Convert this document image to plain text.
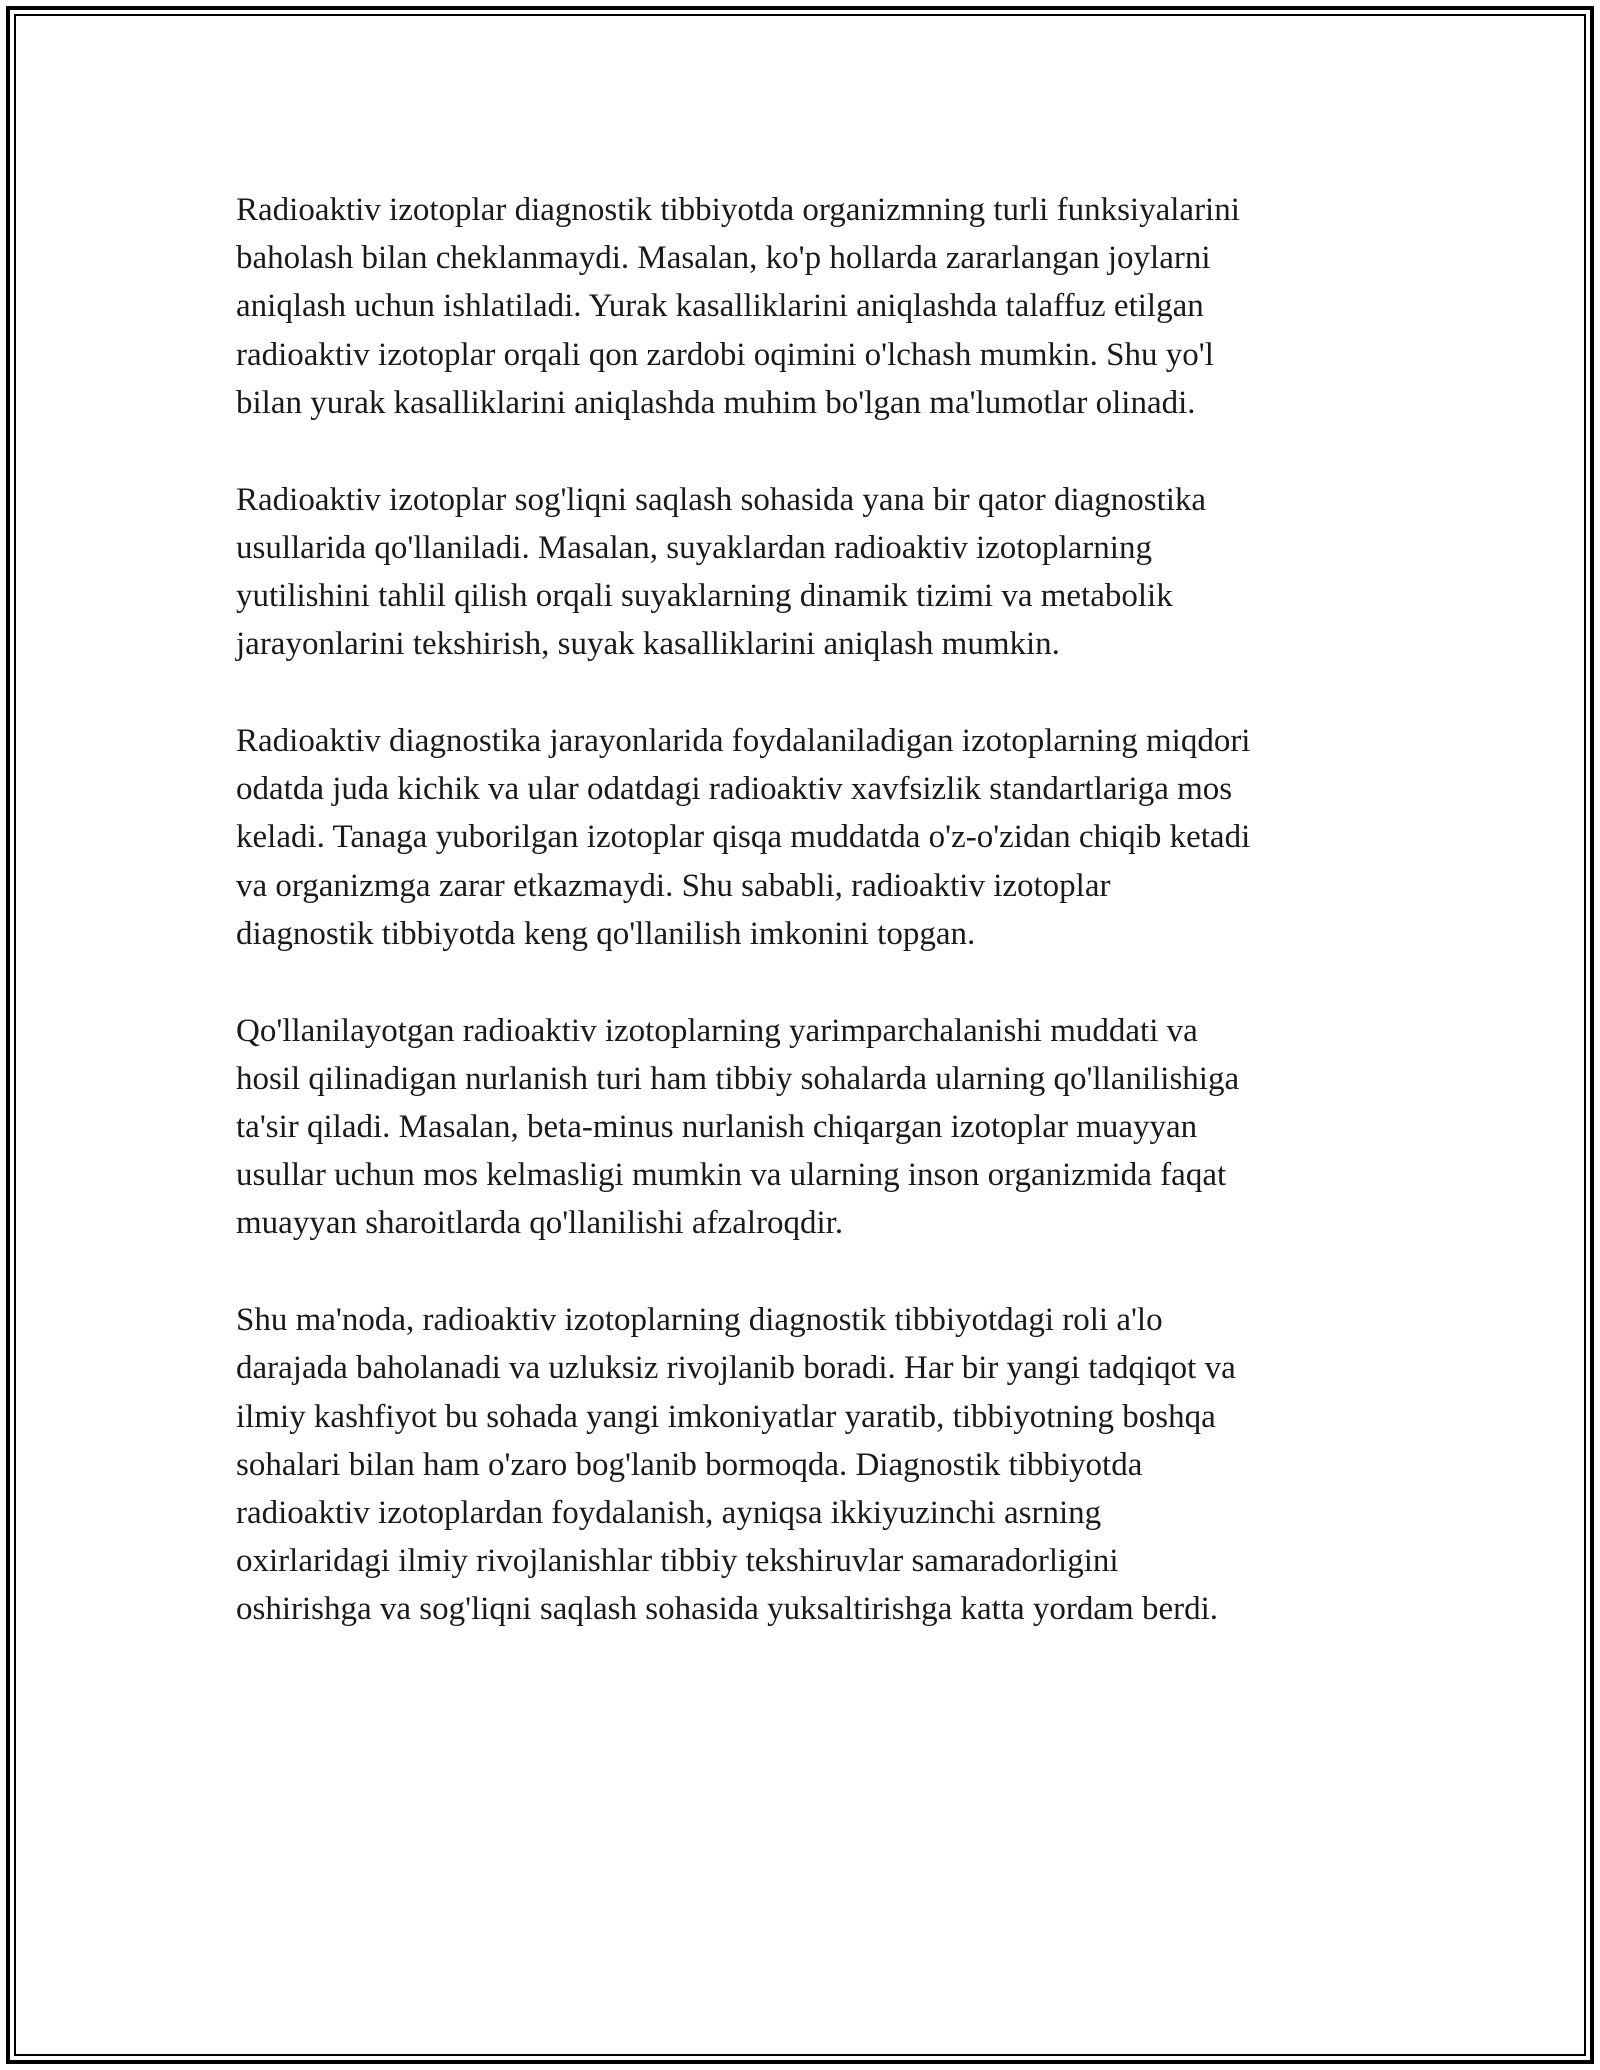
Radioaktiv izotoplar diagnostik tibbiyotda organizmning turli funksiyalarini
baholash bilan cheklanmaydi. Masalan, ko'p hollarda zararlangan joylarni
aniqlash uchun ishlatiladi. Yurak kasalliklarini aniqlashda talaffuz etilgan
radioaktiv izotoplar orqali qon zardobi oqimini o'lchash mumkin. Shu yo'l
bilan yurak kasalliklarini aniqlashda muhim bo'lgan ma'lumotlar olinadi.

Radioaktiv izotoplar sog'liqni saqlash sohasida yana bir qator diagnostika
usullarida qo'llaniladi. Masalan, suyaklardan radioaktiv izotoplarning
yutilishini tahlil qilish orqali suyaklarning dinamik tizimi va metabolik
jarayonlarini tekshirish, suyak kasalliklarini aniqlash mumkin.

Radioaktiv diagnostika jarayonlarida foydalaniladigan izotoplarning miqdori
odatda juda kichik va ular odatdagi radioaktiv xavfsizlik standartlariga mos
keladi. Tanaga yuborilgan izotoplar qisqa muddatda o'z-o'zidan chiqib ketadi
va organizmga zarar etkazmaydi. Shu sababli, radioaktiv izotoplar
diagnostik tibbiyotda keng qo'llanilish imkonini topgan.

Qo'llanilayotgan radioaktiv izotoplarning yarimparchalanishi muddati va
hosil qilinadigan nurlanish turi ham tibbiy sohalarda ularning qo'llanilishiga
ta'sir qiladi. Masalan, beta-minus nurlanish chiqargan izotoplar muayyan
usullar uchun mos kelmasligi mumkin va ularning inson organizmida faqat
muayyan sharoitlarda qo'llanilishi afzalroqdir.

Shu ma'noda, radioaktiv izotoplarning diagnostik tibbiyotdagi roli a'lo
darajada baholanadi va uzluksiz rivojlanib boradi. Har bir yangi tadqiqot va
ilmiy kashfiyot bu sohada yangi imkoniyatlar yaratib, tibbiyotning boshqa
sohalari bilan ham o'zaro bog'lanib bormoqda. Diagnostik tibbiyotda
radioaktiv izotoplardan foydalanish, ayniqsa ikkiyuzinchi asrning
oxirlaridagi ilmiy rivojlanishlar tibbiy tekshiruvlar samaradorligini
oshirishga va sog'liqni saqlash sohasida yuksaltirishga katta yordam berdi.
